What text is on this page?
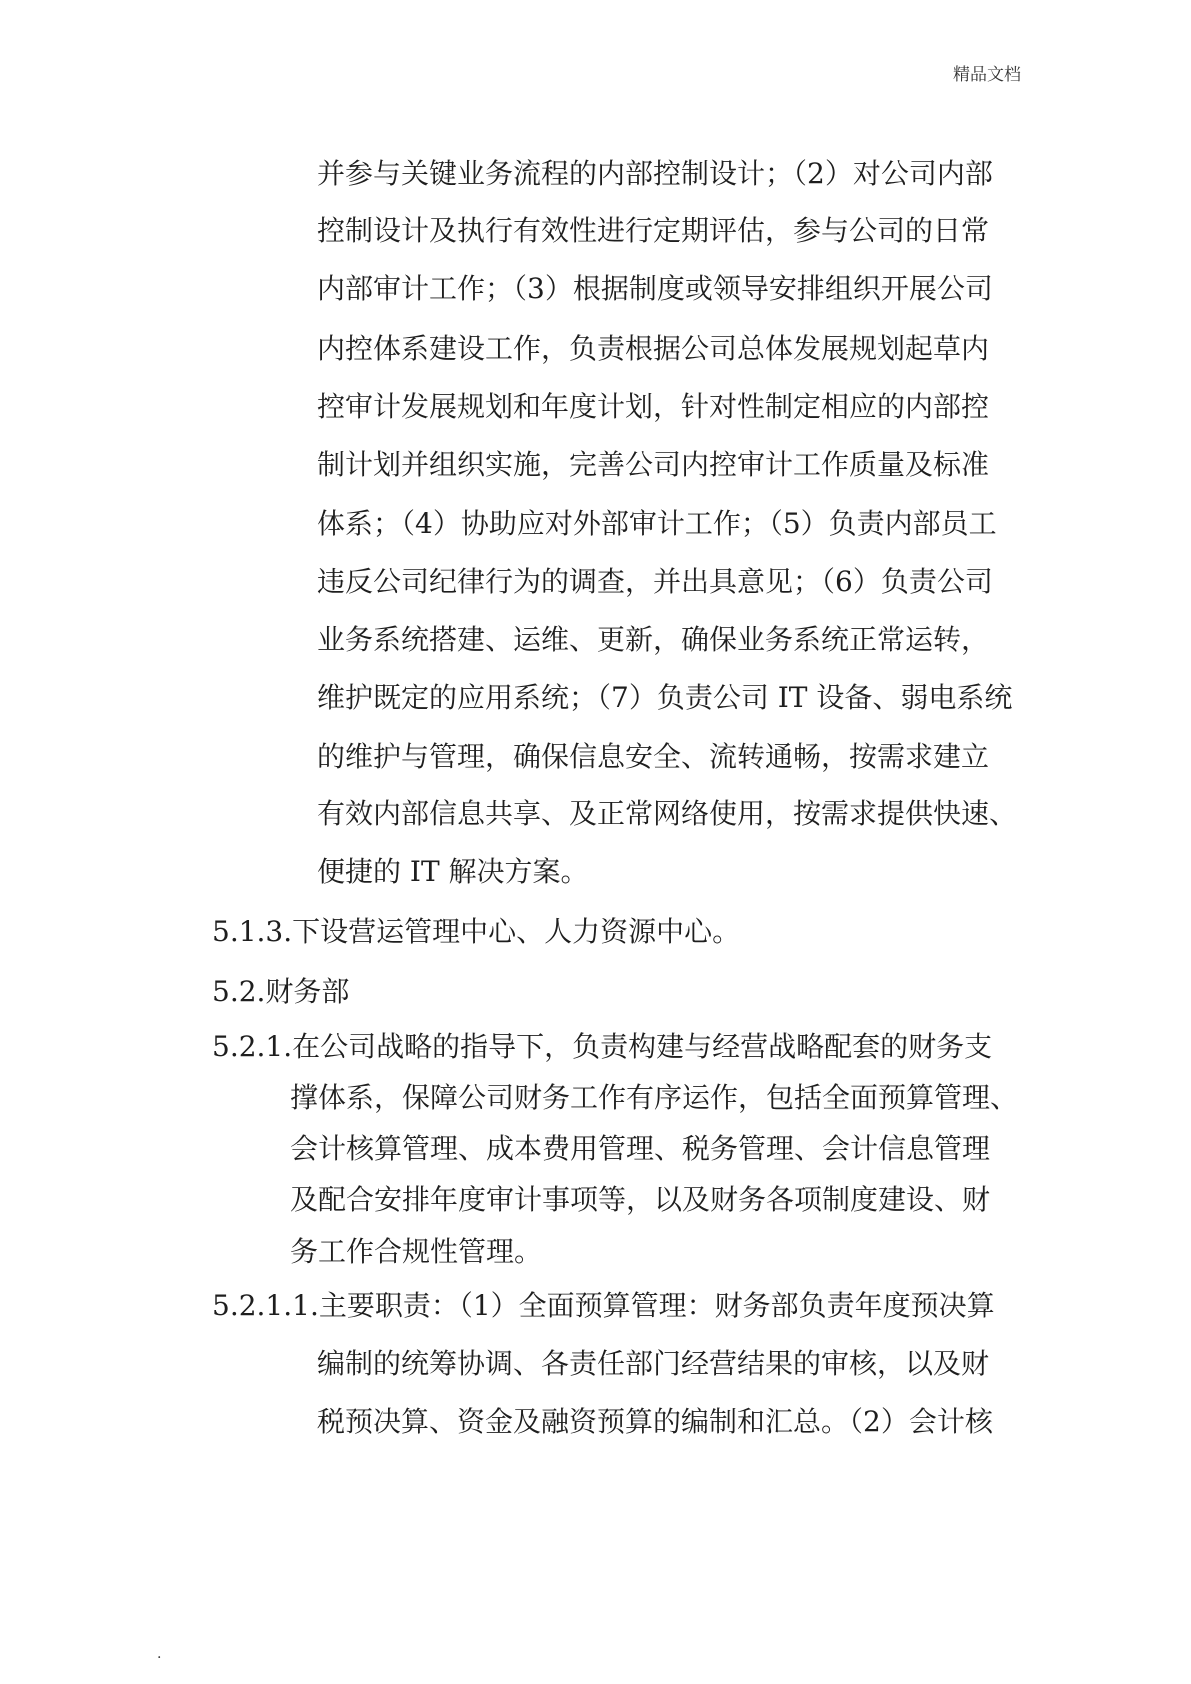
精品文档
并参与关键业务流程的内部控制设计；（2）对公司内部
控制设计及执行有效性进行定期评估，参与公司的日常
内部审计工作；（3）根据制度或领导安排组织开展公司
内控体系建设工作，负责根据公司总体发展规划起草内
控审计发展规划和年度计划，针对性制定相应的内部控
制计划并组织实施，完善公司内控审计工作质量及标准
体系；（4）协助应对外部审计工作；（5）负责内部员工
违反公司纪律行为的调查，并出具意见；（6）负责公司
业务系统搭建、运维、更新，确保业务系统正常运转，
维护既定的应用系统；（7）负责公司 IT 设备、弱电系统
的维护与管理，确保信息安全、流转通畅，按需求建立
有效内部信息共享、及正常网络使用，按需求提供快速、
便捷的 IT 解决方案。
5.1.3.下设营运管理中心、人力资源中心。
5.2.财务部
5.2.1.在公司战略的指导下，负责构建与经营战略配套的财务支
撑体系，保障公司财务工作有序运作，包括全面预算管理、
会计核算管理、成本费用管理、税务管理、会计信息管理
及配合安排年度审计事项等，以及财务各项制度建设、财
务工作合规性管理。
5.2.1.1.主要职责：（1）全面预算管理：财务部负责年度预决算
编制的统筹协调、各责任部门经营结果的审核，以及财
税预决算、资金及融资预算的编制和汇总。（2）会计核
.
